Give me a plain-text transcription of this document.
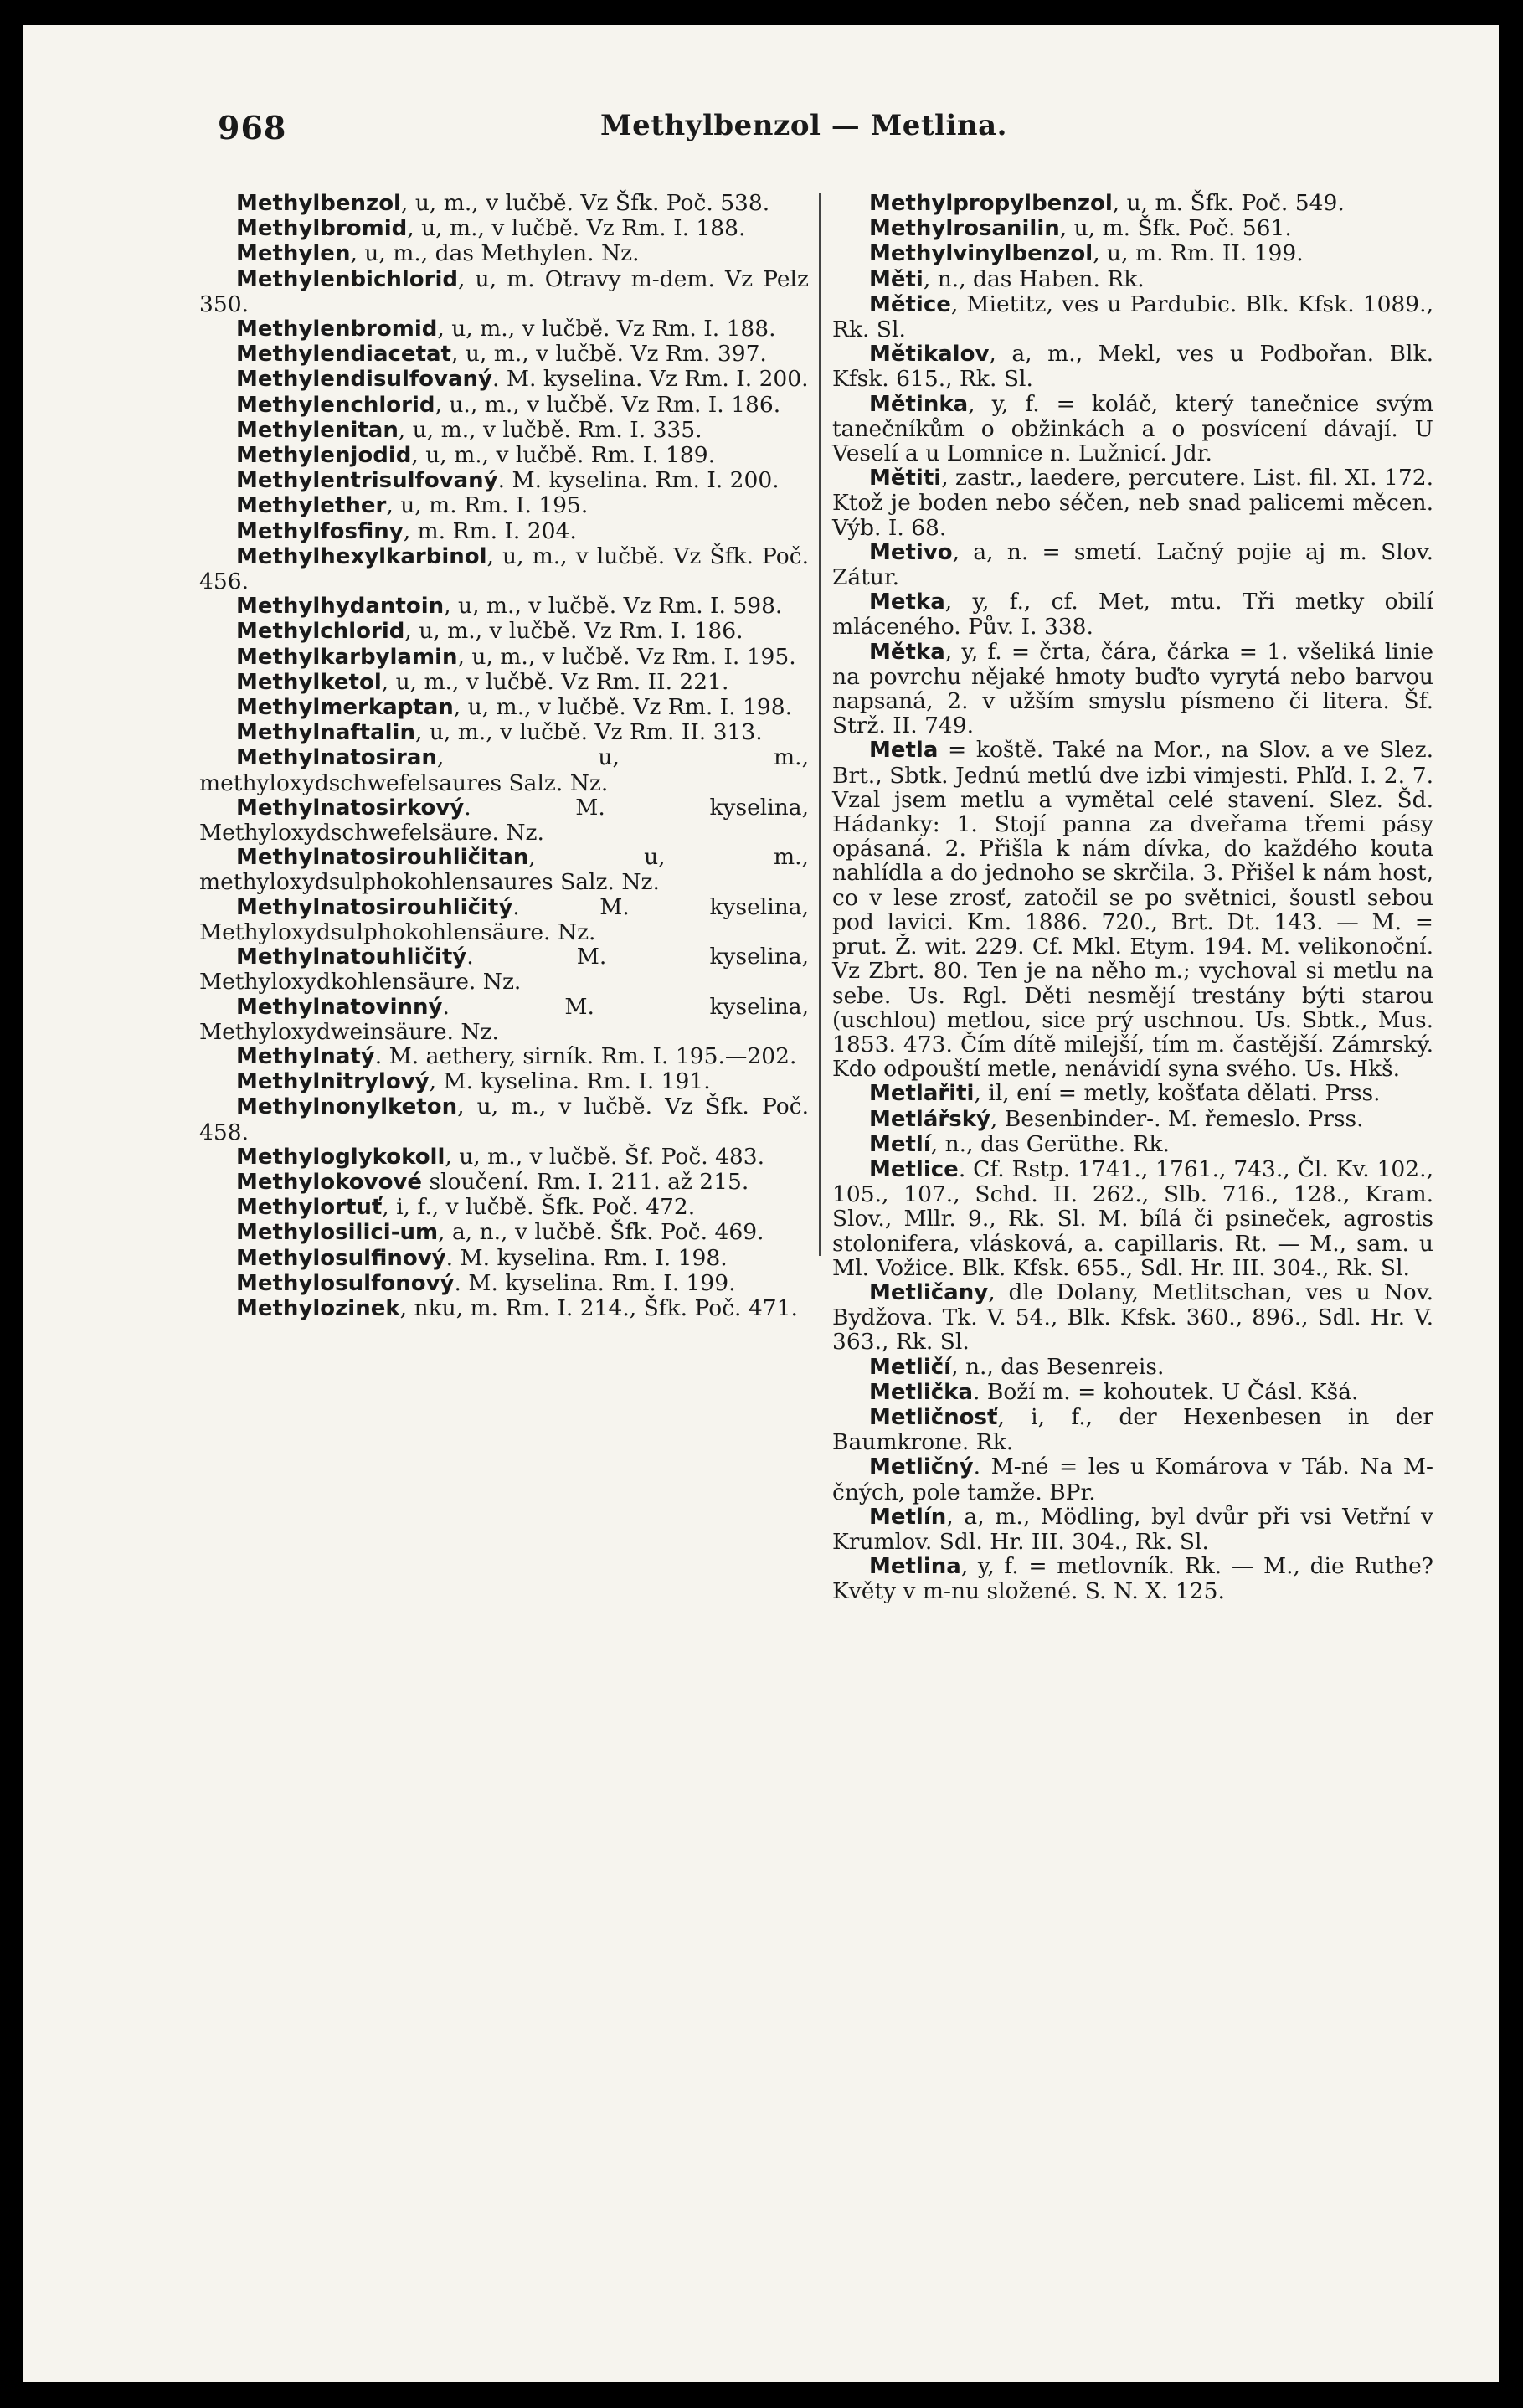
968	Methylbenzol — Metlina.

Methylbenzol, u, m., v lučbě. Vz Šfk. Poč. 538.

Methylbromid, u, m., v lučbě. Vz Rm. I. 188.

Methylen, u, m., das Methylen. Nz.

Methylenbichlorid, u, m. Otravy m-dem. Vz Pelz 350.

Methylenbromid, u, m., v lučbě. Vz Rm. I. 188.

Methylendiacetat, u, m., v lučbě. Vz Rm. 397.

Methylendisulfovaný. M. kyselina. Vz Rm. I. 200.

Methylenchlorid, u., m., v lučbě. Vz Rm. I. 186.

Methylenitan, u, m., v lučbě. Rm. I. 335.

Methylenjodid, u, m., v lučbě. Rm. I. 189.

Methylentrisulfovaný. M. kyselina. Rm. I. 200.

Methylether, u, m. Rm. I. 195.

Methylfosfiny, m. Rm. I. 204.

Methylhexylkarbinol, u, m., v lučbě. Vz Šfk. Poč. 456.

Methylhydantoin, u, m., v lučbě. Vz Rm. I. 598.

Methylchlorid, u, m., v lučbě. Vz Rm. I. 186.

Methylkarbylamin, u, m., v lučbě. Vz Rm. I. 195.

Methylketol, u, m., v lučbě. Vz Rm. II. 221.

Methylmerkaptan, u, m., v lučbě. Vz Rm. I. 198.

Methylnaftalin, u, m., v lučbě. Vz Rm. II. 313.

Methylnatosiran, u, m., methyloxydschwefelsaures Salz. Nz.

Methylnatosirkový. M. kyselina, Methyloxydschwefelsäure. Nz.

Methylnatosirouhličitan, u, m., methyloxydsulphokohlensaures Salz. Nz.

Methylnatosirouhličitý. M. kyselina, Methyloxydsulphokohlensäure. Nz.

Methylnatouhličitý. M. kyselina, Methyloxydkohlensäure. Nz.

Methylnatovinný. M. kyselina, Methyloxydweinsäure. Nz.

Methylnatý. M. aethery, sirník. Rm. I. 195.—202.

Methylnitrylový, M. kyselina. Rm. I. 191.

Methylnonylketon, u, m., v lučbě. Vz Šfk. Poč. 458.

Methyloglykokoll, u, m., v lučbě. Šf. Poč. 483.

Methylokovové sloučení. Rm. I. 211. až 215.

Methylortuť, i, f., v lučbě. Šfk. Poč. 472.

Methylosilici-um, a, n., v lučbě. Šfk. Poč. 469.

Methylosulfinový. M. kyselina. Rm. I. 198.

Methylosulfonový. M. kyselina. Rm. I. 199.

Methylozinek, nku, m. Rm. I. 214., Šfk. Poč. 471.

Methylpropylbenzol, u, m. Šfk. Poč. 549.

Methylrosanilin, u, m. Šfk. Poč. 561.

Methylvinylbenzol, u, m. Rm. II. 199.

Měti, n., das Haben. Rk.

Mětice, Mietitz, ves u Pardubic. Blk. Kfsk. 1089., Rk. Sl.

Mětikalov, a, m., Mekl, ves u Podbořan. Blk. Kfsk. 615., Rk. Sl.

Mětinka, y, f. = koláč, který tanečnice svým tanečníkům o obžinkách a o posvícení dávají. U Veselí a u Lomnice n. Lužnicí. Jdr.

Mětiti, zastr., laedere, percutere. List. fil. XI. 172. Ktož je boden nebo séčen, neb snad palicemi měcen. Výb. I. 68.

Metivo, a, n. = smetí. Lačný pojie aj m. Slov. Zátur.

Metka, y, f., cf. Met, mtu. Tři metky obilí mláceného. Pův. I. 338.

Mětka, y, f. = črta, čára, čárka = 1. všeliká linie na povrchu nějaké hmoty buďto vyrytá nebo barvou napsaná, 2. v užším smyslu písmeno či litera. Šf. Strž. II. 749.

Metla = koště. Také na Mor., na Slov. a ve Slez. Brt., Sbtk. Jednú metlú dve izbi vimjesti. Phľd. I. 2. 7. Vzal jsem metlu a vymětal celé stavení. Slez. Šd. Hádanky: 1. Stojí panna za dveřama třemi pásy opásaná. 2. Přišla k nám dívka, do každého kouta nahlídla a do jednoho se skrčila. 3. Přišel k nám host, co v lese zrosť, zatočil se po světnici, šoustl sebou pod lavici. Km. 1886. 720., Brt. Dt. 143. — M. = prut. Ž. wit. 229. Cf. Mkl. Etym. 194. M. velikonoční. Vz Zbrt. 80. Ten je na něho m.; vychoval si metlu na sebe. Us. Rgl. Děti nesmějí trestány býti starou (uschlou) metlou, sice prý uschnou. Us. Sbtk., Mus. 1853. 473. Čím dítě milejší, tím m. častější. Zámrský. Kdo odpouští metle, nenávidí syna svého. Us. Hkš.

Metlařiti, il, ení = metly, košťata dělati. Prss.

Metlářský, Besenbinder-. M. řemeslo. Prss.

Metlí, n., das Gerüthe. Rk.

Metlice. Cf. Rstp. 1741., 1761., 743., Čl. Kv. 102., 105., 107., Schd. II. 262., Slb. 716., 128., Kram. Slov., Mllr. 9., Rk. Sl. M. bílá či psineček, agrostis stolonifera, vlásková, a. capillaris. Rt. — M., sam. u Ml. Vožice. Blk. Kfsk. 655., Sdl. Hr. III. 304., Rk. Sl.

Metličany, dle Dolany, Metlitschan, ves u Nov. Bydžova. Tk. V. 54., Blk. Kfsk. 360., 896., Sdl. Hr. V. 363., Rk. Sl.

Metličí, n., das Besenreis.

Metlička. Boží m. = kohoutek. U Čásl. Kšá.

Metličnosť, i, f., der Hexenbesen in der Baumkrone. Rk.

Metličný. M-né = les u Komárova v Táb. Na M-čných, pole tamže. BPr.

Metlín, a, m., Mödling, byl dvůr při vsi Vetřní v Krumlov. Sdl. Hr. III. 304., Rk. Sl.

Metlina, y, f. = metlovník. Rk. — M., die Ruthe? Květy v m-nu složené. S. N. X. 125.
